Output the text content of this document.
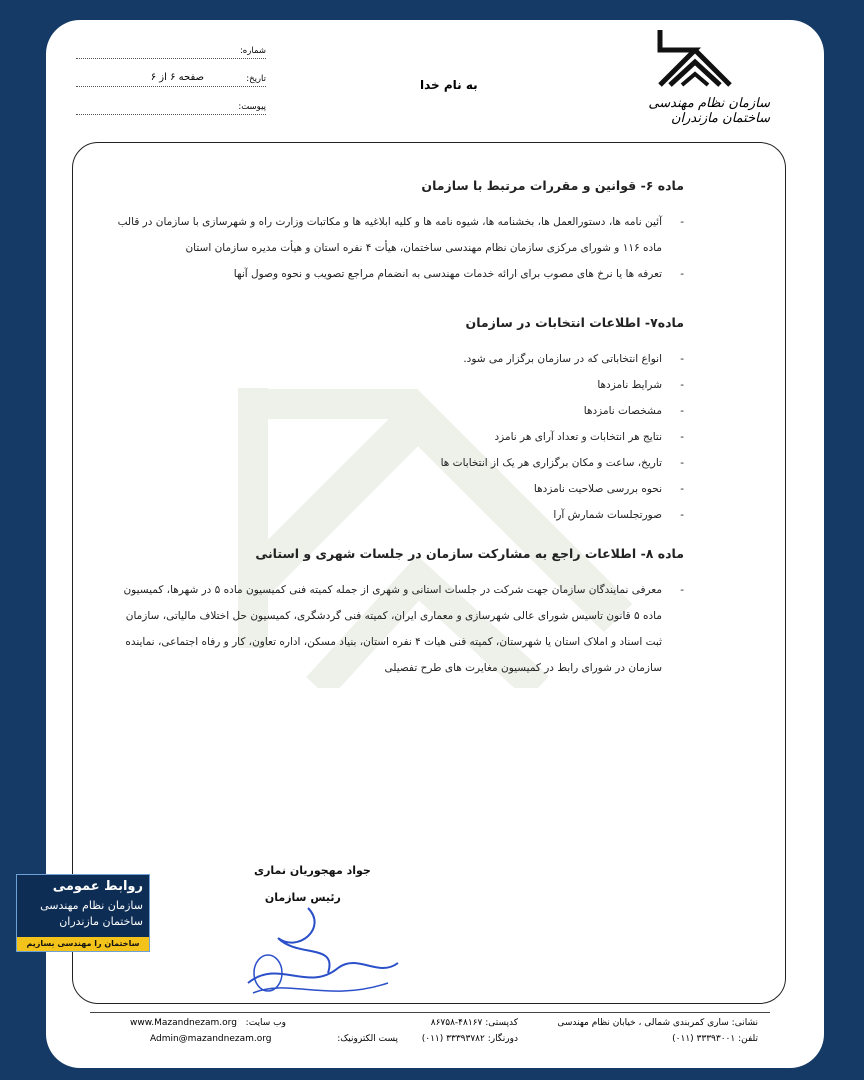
سازمان نظام مهندسی ساختمان مازندران
به نام خدا
شماره:
تاریخ:
صفحه ۶ از ۶
پیوست:
ماده ۶- قوانین و مقررات مرتبط با سازمان
- آئین نامه ها، دستورالعمل ها، بخشنامه ها، شیوه نامه ها و کلیه ابلاغیه ها و مکاتبات وزارت راه و شهرسازی با سازمان در قالب ماده ۱۱۶ و شورای مرکزی سازمان نظام مهندسی ساختمان، هیأت ۴ نفره استان و هیأت مدیره سازمان استان
- تعرفه ها یا نرخ های مصوب برای ارائه خدمات مهندسی به انضمام مراجع تصویب و نحوه وصول آنها
ماده۷- اطلاعات انتخابات در سازمان
- انواع انتخاباتی که در سازمان برگزار می شود.
- شرایط نامزدها
- مشخصات نامزدها
- نتایج هر انتخابات و تعداد آرای هر نامزد
- تاریخ، ساعت و مکان برگزاری هر یک از انتخابات ها
- نحوه بررسی صلاحیت نامزدها
- صورتجلسات شمارش آرا
ماده ۸- اطلاعات راجع به مشارکت سازمان در جلسات شهری و استانی
- معرفی نمایندگان سازمان جهت شرکت در جلسات استانی و شهری از جمله کمیته فنی کمیسیون ماده ۵ در شهرها، کمیسیون ماده ۵ قانون تاسیس شورای عالی شهرسازی و معماری ایران، کمیته فنی گردشگری، کمیسیون حل اختلاف مالیاتی، سازمان ثبت اسناد و املاک استان یا شهرستان، کمیته فنی هیات ۴ نفره استان، بنیاد مسکن، اداره تعاون، کار و رفاه اجتماعی، نماینده سازمان در شورای رابط در کمیسیون مغایرت های طرح تفصیلی
جواد مهجوریان نماری
رئیس سازمان
نشانی: ساری کمربندی شمالی ، خیابان نظام مهندسی
کدپستی: ۴۸۱۶۷-۸۶۷۵۸
وب سایت:
www.Mazandnezam.org
تلفن: ۳۳۳۹۳۰۰۱ (۰۱۱)
دورنگار: ۳۳۳۹۳۷۸۲ (۰۱۱)
پست الکترونیک:
Admin@mazandnezam.org
روابط عمومی
سازمان نظام مهندسی
ساختمان مازندران
ساختمان را مهندسی بسازیم
